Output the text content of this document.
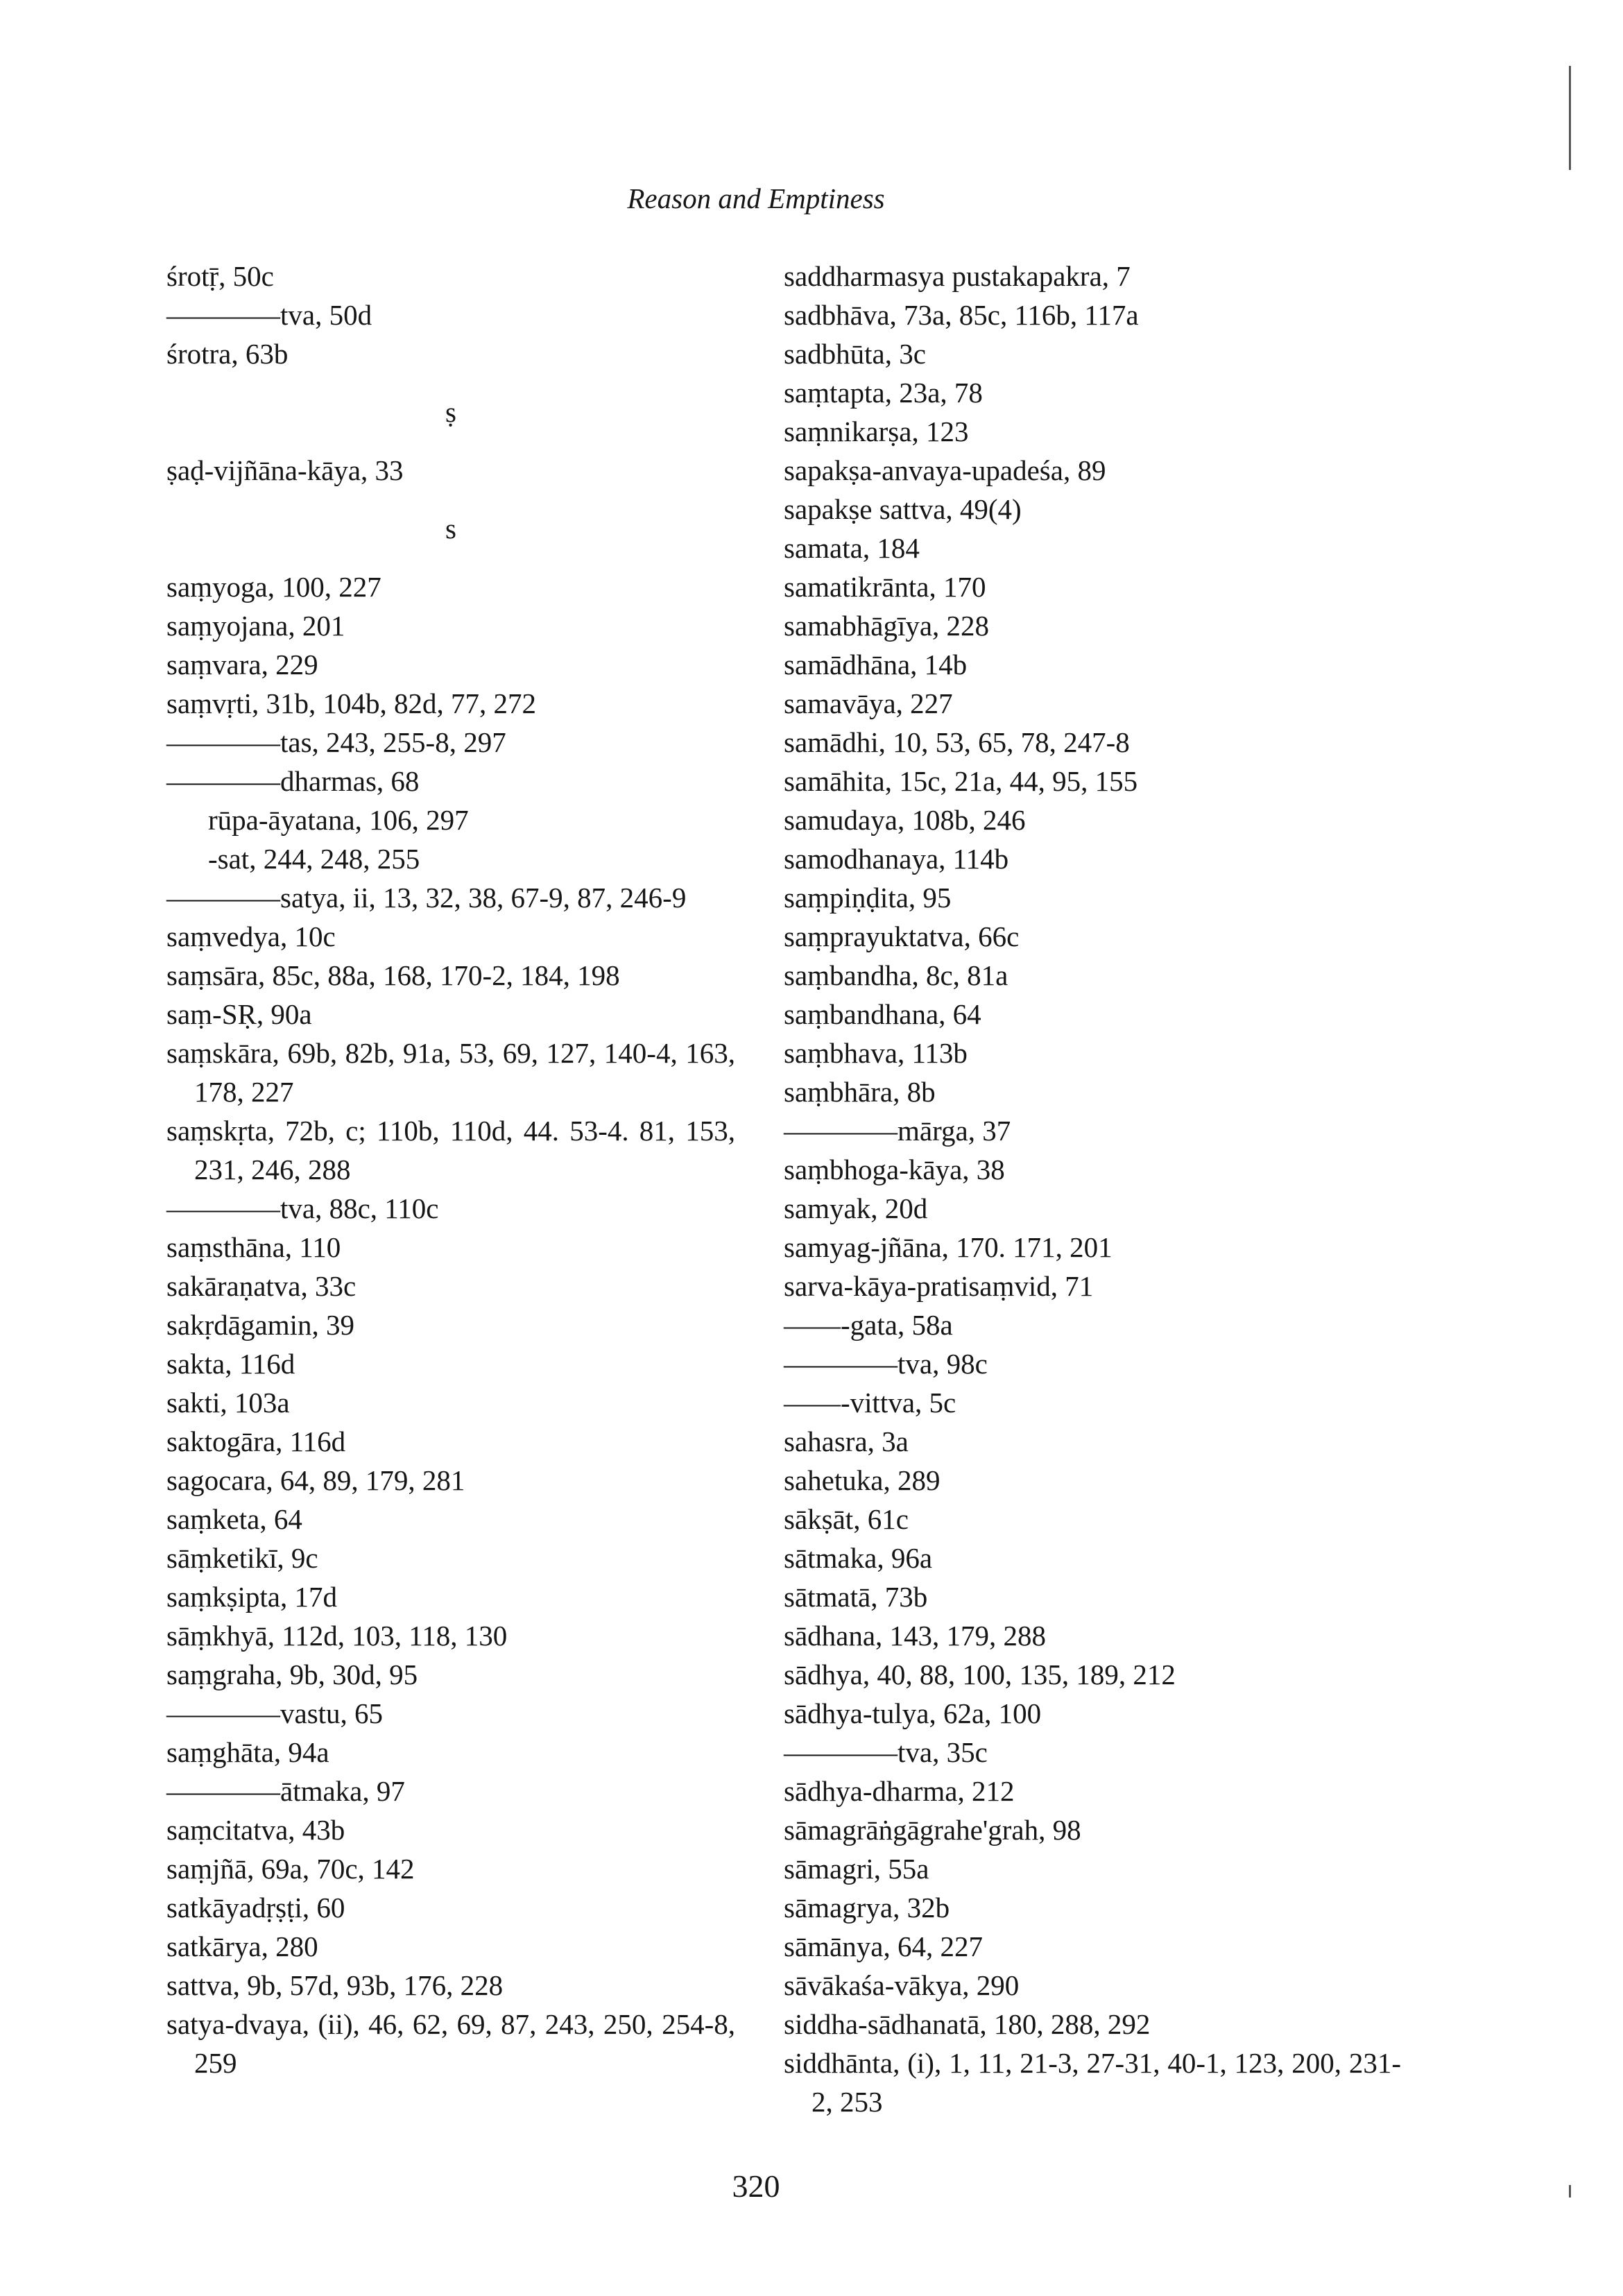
Reason and Emptiness
śrotṝ, 50c
————tva, 50d
śrotra, 63b
ṣ
ṣaḍ-vijñāna-kāya, 33
s
saṃyoga, 100, 227
saṃyojana, 201
saṃvara, 229
saṃvṛti, 31b, 104b, 82d, 77, 272
————tas, 243, 255-8, 297
————dharmas, 68
rūpa-āyatana, 106, 297
-sat, 244, 248, 255
————satya, ii, 13, 32, 38, 67-9, 87, 246-9
saṃvedya, 10c
saṃsāra, 85c, 88a, 168, 170-2, 184, 198
saṃ-SṚ, 90a
saṃskāra, 69b, 82b, 91a, 53, 69, 127, 140-4, 163, 178, 227
saṃskṛta, 72b, c; 110b, 110d, 44. 53-4. 81, 153, 231, 246, 288
————tva, 88c, 110c
saṃsthāna, 110
sakāraṇatva, 33c
sakṛdāgamin, 39
sakta, 116d
sakti, 103a
saktogāra, 116d
sagocara, 64, 89, 179, 281
saṃketa, 64
sāṃketikī, 9c
saṃkṣipta, 17d
sāṃkhyā, 112d, 103, 118, 130
saṃgraha, 9b, 30d, 95
————vastu, 65
saṃghāta, 94a
————ātmaka, 97
saṃcitatva, 43b
saṃjñā, 69a, 70c, 142
satkāyadṛṣṭi, 60
satkārya, 280
sattva, 9b, 57d, 93b, 176, 228
satya-dvaya, (ii), 46, 62, 69, 87, 243, 250, 254-8, 259
saddharmasya pustakapakra, 7
sadbhāva, 73a, 85c, 116b, 117a
sadbhūta, 3c
saṃtapta, 23a, 78
saṃnikarṣa, 123
sapakṣa-anvaya-upadeśa, 89
sapakṣe sattva, 49(4)
samata, 184
samatikrānta, 170
samabhāgīya, 228
samādhāna, 14b
samavāya, 227
samādhi, 10, 53, 65, 78, 247-8
samāhita, 15c, 21a, 44, 95, 155
samudaya, 108b, 246
samodhanaya, 114b
saṃpiṇḍita, 95
saṃprayuktatva, 66c
saṃbandha, 8c, 81a
saṃbandhana, 64
saṃbhava, 113b
saṃbhāra, 8b
————mārga, 37
saṃbhoga-kāya, 38
samyak, 20d
samyag-jñāna, 170. 171, 201
sarva-kāya-pratisaṃvid, 71
——-gata, 58a
————tva, 98c
——-vittva, 5c
sahasra, 3a
sahetuka, 289
sākṣāt, 61c
sātmaka, 96a
sātmatā, 73b
sādhana, 143, 179, 288
sādhya, 40, 88, 100, 135, 189, 212
sādhya-tulya, 62a, 100
————tva, 35c
sādhya-dharma, 212
sāmagrāṅgāgrahe'grah, 98
sāmagri, 55a
sāmagrya, 32b
sāmānya, 64, 227
sāvākaśa-vākya, 290
siddha-sādhanatā, 180, 288, 292
siddhānta, (i), 1, 11, 21-3, 27-31, 40-1, 123, 200, 231-2, 253
320
